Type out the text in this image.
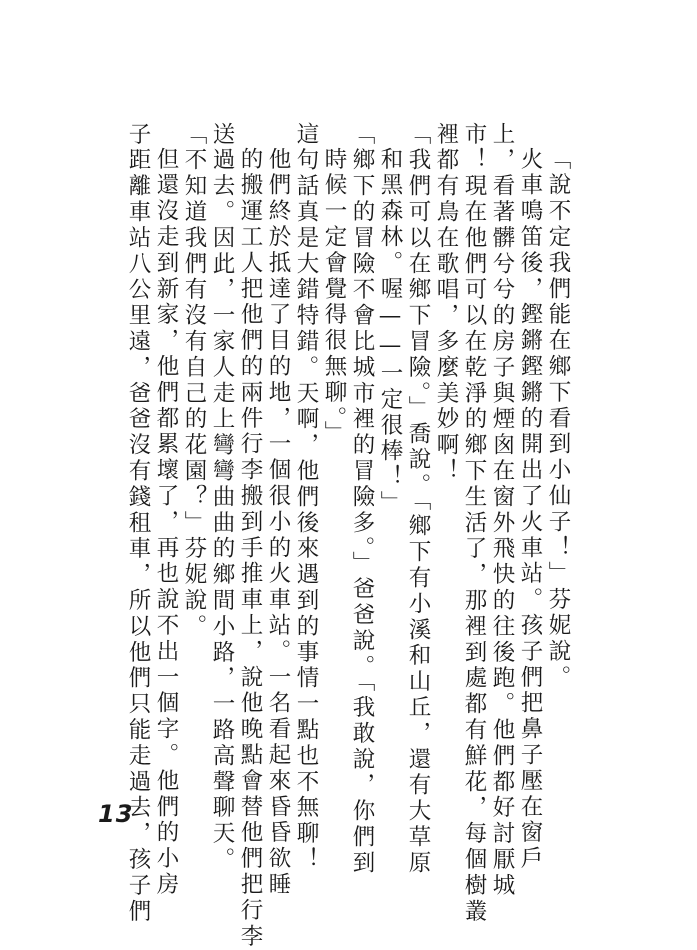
「說不定我們能在鄉下看到小仙子！」芬妮說。
火車鳴笛後，鏗鏘鏗鏘的開出了火車站。孩子們把鼻子壓在窗戶
上，看著髒兮兮的房子與煙囪在窗外飛快的往後跑。他們都好討厭城
市！現在他們可以在乾淨的鄉下生活了，那裡到處都有鮮花，每個樹叢
裡都有鳥在歌唱，多麼美妙啊！
「我們可以在鄉下冒險。」喬說。「鄉下有小溪和山丘，還有大草原
和黑森林。喔——一定很棒！」
「鄉下的冒險不會比城市裡的冒險多。」爸爸說。「我敢說，你們到
時候一定會覺得很無聊。」
這句話真是大錯特錯。天啊，他們後來遇到的事情一點也不無聊！
他們終於抵達了目的地，一個很小的火車站。一名看起來昏昏欲睡
的搬運工人把他們的兩件行李搬到手推車上，說他晚點會替他們把行李
送過去。因此，一家人走上彎彎曲曲的鄉間小路，一路高聲聊天。
「不知道我們有沒有自己的花園？」芬妮說。
但還沒走到新家，他們都累壞了，再也說不出一個字。他們的小房
子距離車站八公里遠，爸爸沒有錢租車，所以他們只能走過去，孩子們
13
